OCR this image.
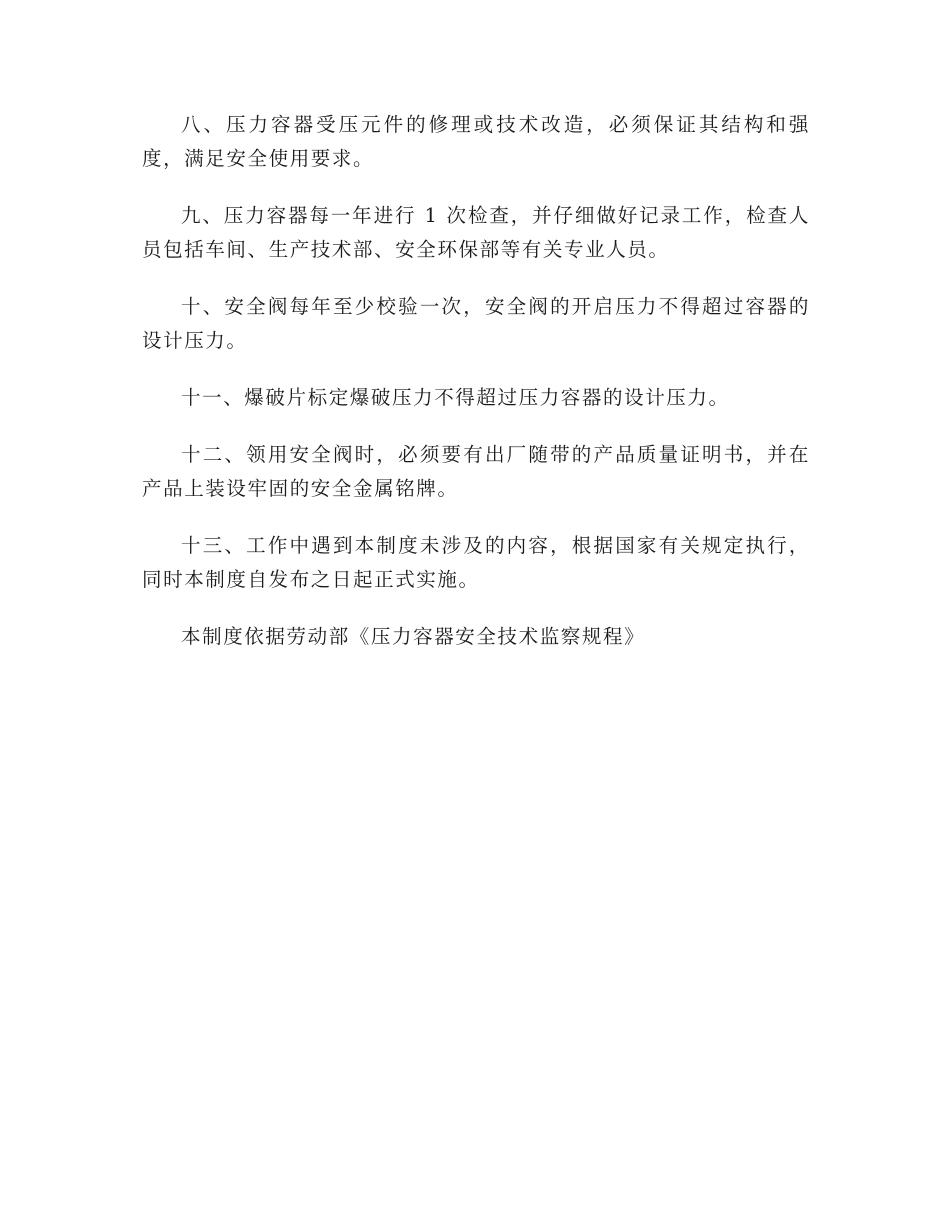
八、压力容器受压元件的修理或技术改造，必须保证其结构和强度，满足安全使用要求。

九、压力容器每一年进行 1 次检查，并仔细做好记录工作，检查人员包括车间、生产技术部、安全环保部等有关专业人员。

十、安全阀每年至少校验一次，安全阀的开启压力不得超过容器的设计压力。

十一、爆破片标定爆破压力不得超过压力容器的设计压力。

十二、领用安全阀时，必须要有出厂随带的产品质量证明书，并在产品上装设牢固的安全金属铭牌。

十三、工作中遇到本制度未涉及的内容，根据国家有关规定执行，同时本制度自发布之日起正式实施。

本制度依据劳动部《压力容器安全技术监察规程》
